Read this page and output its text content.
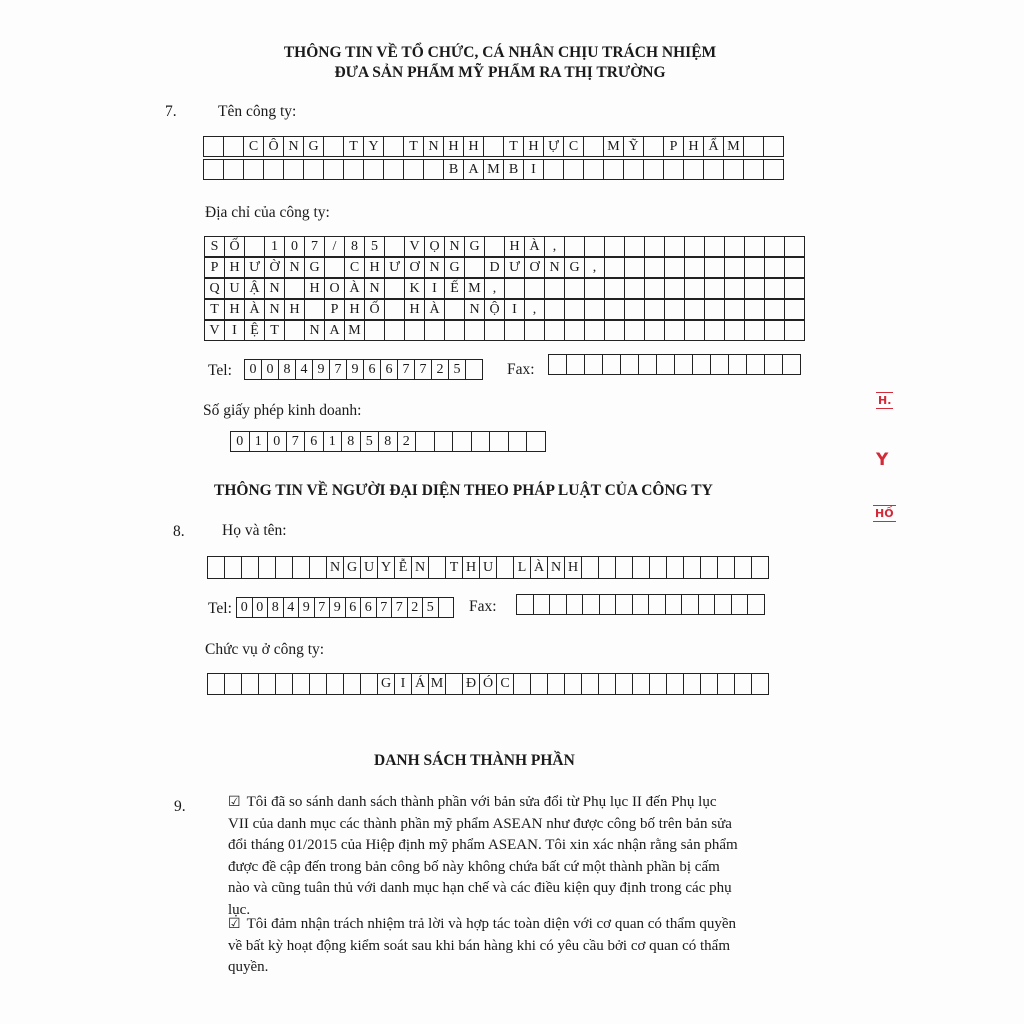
THÔNG TIN VỀ TỔ CHỨC, CÁ NHÂN CHỊU TRÁCH NHIỆM
ĐƯA SẢN PHẨM MỸ PHẨM RA THỊ TRƯỜNG
7.	Tên công ty:
C Ô N G	T Y	T N H H	T H Ự C	M Ỹ	P H Ẩ M
B A M B I
Địa chỉ của công ty:
S Ố	1 0 7	/	8 5	V Ọ N G	H À ,
P H Ư Ờ N G	C H Ư Ơ N G	D Ư Ơ N G ,
Q U Ậ N	H O À N	K I Ế M ,
T H À N H	P H Ố	H À	N Ộ I	,
V I Ệ T	N A M
Tel:	0 0 8 4 9 7 9 6 6 7 7 2 5	Fax:
Số giấy phép kinh doanh:
0 1 0 7 6 1 8 5 8 2
THÔNG TIN VỀ NGƯỜI ĐẠI DIỆN THEO PHÁP LUẬT CỦA CÔNG TY
8. Họ và tên:
N G U Y Ễ N T H U L À N H
Tel: 0 0 8 4 9 7 9 6 6 7 7 2 5	Fax:
Chức vụ ở công ty:
G I Á M Đ Ó C
DANH SÁCH THÀNH PHẦN
9.	☑ Tôi đã so sánh danh sách thành phần với bản sửa đổi từ Phụ lục II đến Phụ lục
VII của danh mục các thành phần mỹ phẩm ASEAN như được công bố trên bản sửa
đổi tháng 01/2015 của Hiệp định mỹ phẩm ASEAN. Tôi xin xác nhận rằng sản phẩm
được đề cập đến trong bản công bố này không chứa bất cứ một thành phần bị cấm
nào và cũng tuân thủ với danh mục hạn chế và các điều kiện quy định trong các phụ
lục.
☑ Tôi đảm nhận trách nhiệm trả lời và hợp tác toàn diện với cơ quan có thẩm quyền
về bất kỳ hoạt động kiểm soát sau khi bán hàng khi có yêu cầu bởi cơ quan có thẩm
quyền.
H.
Y
HỐ
